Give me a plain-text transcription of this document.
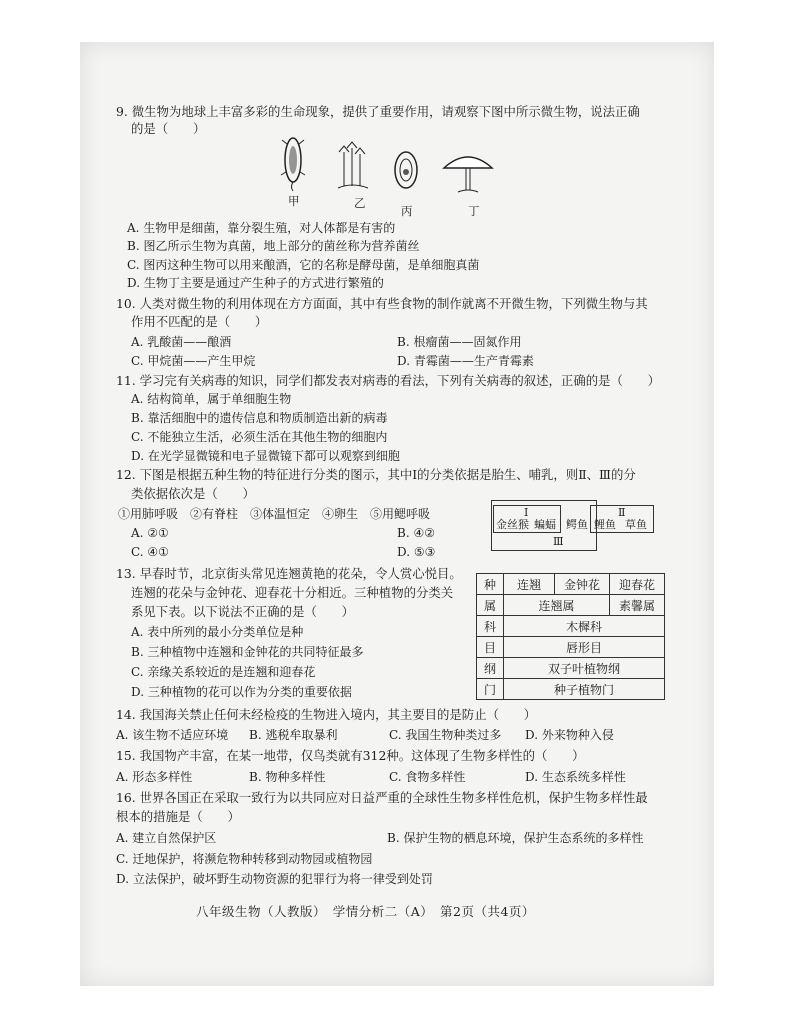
9. 微生物为地球上丰富多彩的生命现象，提供了重要作用，请观察下图中所示微生物，说法正确
的是（　　）
甲	乙
丙	丁
A. 生物甲是细菌，靠分裂生殖，对人体都是有害的
B. 图乙所示生物为真菌，地上部分的菌丝称为营养菌丝
C. 图丙这种生物可以用来酿酒，它的名称是酵母菌，是单细胞真菌
D. 生物丁主要是通过产生种子的方式进行繁殖的
10. 人类对微生物的利用体现在方方面面，其中有些食物的制作就离不开微生物，下列微生物与其
作用不匹配的是（　　）
A. 乳酸菌——酿酒	B. 根瘤菌——固氮作用
C. 甲烷菌——产生甲烷	D. 青霉菌——生产青霉素
11. 学习完有关病毒的知识，同学们都发表对病毒的看法，下列有关病毒的叙述，正确的是（　　）
A. 结构简单，属于单细胞生物
B. 靠活细胞中的遗传信息和物质制造出新的病毒
C. 不能独立生活，必须生活在其他生物的细胞内
D. 在光学显微镜和电子显微镜下都可以观察到细胞
12. 下图是根据五种生物的特征进行分类的图示，其中Ⅰ的分类依据是胎生、哺乳，则Ⅱ、Ⅲ的分
类依据依次是（　　）
①用肺呼吸　②有脊柱　③体温恒定　④卵生　⑤用鳃呼吸
A. ②①	B. ④②
C. ④①	D. ⑤③
Ⅰ	Ⅱ
Ⅲ
金丝猴 蝙蝠 鳄鱼 鲤鱼 草鱼
13. 早春时节，北京街头常见连翘黄艳的花朵，令人赏心悦目。
连翘的花朵与金钟花、迎春花十分相近。三种植物的分类关
系见下表。以下说法不正确的是（　　）
A. 表中所列的最小分类单位是种
B. 三种植物中连翘和金钟花的共同特征最多
C. 亲缘关系较近的是连翘和迎春花
D. 三种植物的花可以作为分类的重要依据
种	连翘	金钟花	迎春花
属	连翘属		素馨属
科	木樨科		
目	唇形目		
纲	双子叶植物纲		
门	种子植物门		
14. 我国海关禁止任何未经检疫的生物进入境内，其主要目的是防止（　　）
A. 该生物不适应环境 B. 逃税牟取暴利	C. 我国生物种类过多 D. 外来物种入侵
15. 我国物产丰富，在某一地带，仅鸟类就有312种。这体现了生物多样性的（　　）
A. 形态多样性	B. 物种多样性	C. 食物多样性	D. 生态系统多样性
16. 世界各国正在采取一致行为以共同应对日益严重的全球性生物多样性危机，保护生物多样性最
根本的措施是（　　）
A. 建立自然保护区	B. 保护生物的栖息环境，保护生态系统的多样性
C. 迁地保护，将濒危物种转移到动物园或植物园
D. 立法保护，破坏野生动物资源的犯罪行为将一律受到处罚
八年级生物（人教版）　学情分析二（A）　第2页（共4页）
